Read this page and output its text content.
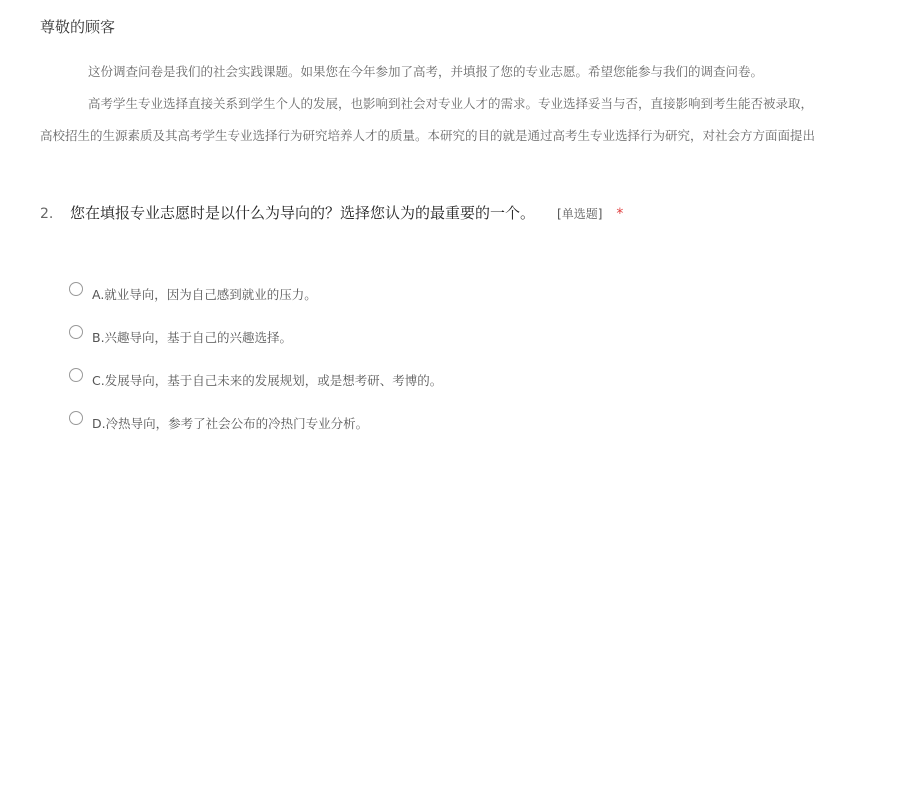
尊敬的顾客
这份调查问卷是我们的社会实践课题。如果您在今年参加了高考，并填报了您的专业志愿。希望您能参与我们的调查问卷。
高考学生专业选择直接关系到学生个人的发展，也影响到社会对专业人才的需求。专业选择妥当与否，直接影响到考生能否被录取，
高校招生的生源素质及其高考学生专业选择行为研究培养人才的质量。本研究的目的就是通过高考生专业选择行为研究，对社会方方面面提出
2.	您在填报专业志愿时是以什么为导向的？选择您认为的最重要的一个。 [单选题] *
A.就业导向，因为自己感到就业的压力。
B.兴趣导向，基于自己的兴趣选择。
C.发展导向，基于自己未来的发展规划，或是想考研、考博的。
D.冷热导向，参考了社会公布的冷热门专业分析。
